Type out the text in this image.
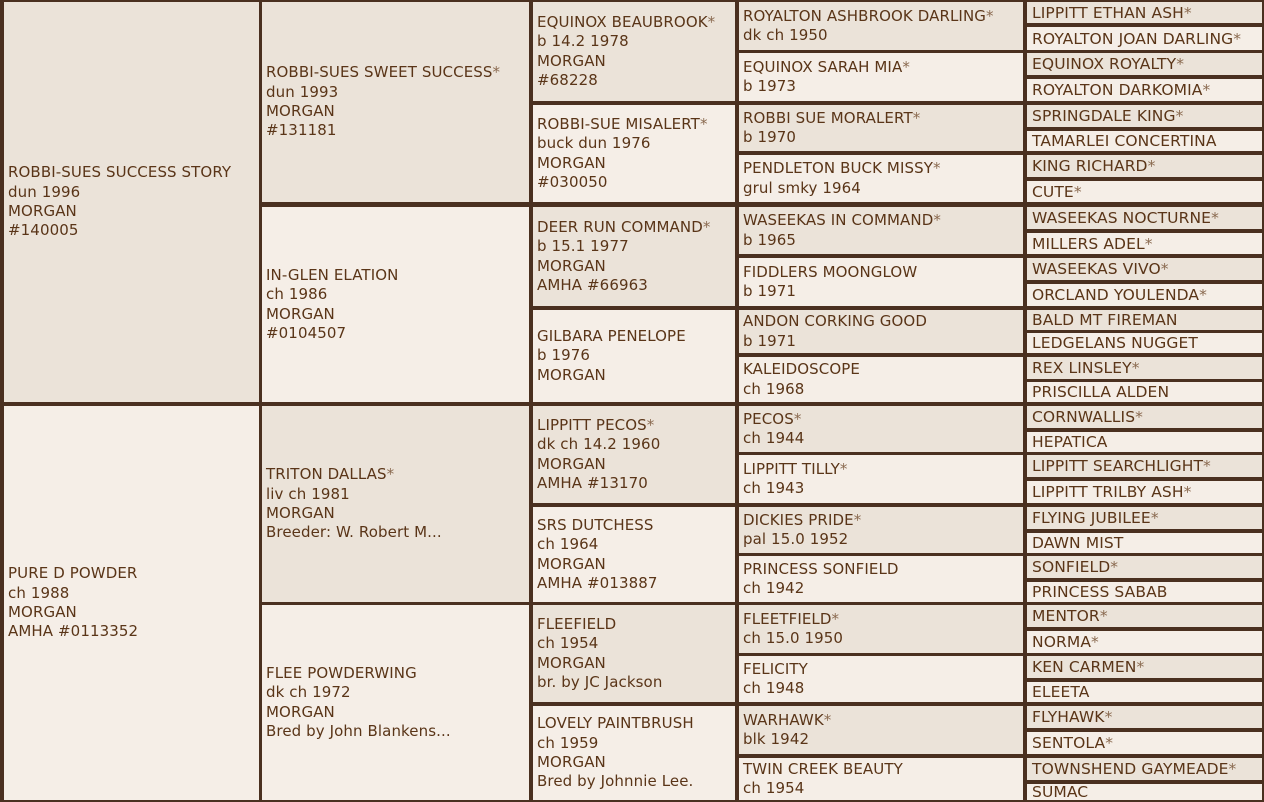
ROBBI-SUES SUCCESS STORY
dun 1996
MORGAN
#140005
PURE D POWDER
ch 1988
MORGAN
AMHA #0113352
ROBBI-SUES SWEET SUCCESS*
dun 1993
MORGAN
#131181
IN-GLEN ELATION
ch 1986
MORGAN
#0104507
TRITON DALLAS*
liv ch 1981
MORGAN
Breeder: W. Robert M...
FLEE POWDERWING
dk ch 1972
MORGAN
Bred by John Blankens...
EQUINOX BEAUBROOK*
b 14.2 1978
MORGAN
#68228
ROBBI-SUE MISALERT*
buck dun 1976
MORGAN
#030050
DEER RUN COMMAND*
b 15.1 1977
MORGAN
AMHA #66963
GILBARA PENELOPE
b 1976
MORGAN
LIPPITT PECOS*
dk ch 14.2 1960
MORGAN
AMHA #13170
SRS DUTCHESS
ch 1964
MORGAN
AMHA #013887
FLEEFIELD
ch 1954
MORGAN
br. by JC Jackson
LOVELY PAINTBRUSH
ch 1959
MORGAN
Bred by Johnnie Lee.
ROYALTON ASHBROOK DARLING*
dk ch 1950
EQUINOX SARAH MIA*
b 1973
ROBBI SUE MORALERT*
b 1970
PENDLETON BUCK MISSY*
grul smky 1964
WASEEKAS IN COMMAND*
b 1965
FIDDLERS MOONGLOW
b 1971
ANDON CORKING GOOD
b 1971
KALEIDOSCOPE
ch 1968
PECOS*
ch 1944
LIPPITT TILLY*
ch 1943
DICKIES PRIDE*
pal 15.0 1952
PRINCESS SONFIELD
ch 1942
FLEETFIELD*
ch 15.0 1950
FELICITY
ch 1948
WARHAWK*
blk 1942
TWIN CREEK BEAUTY
ch 1954
LIPPITT ETHAN ASH*
ROYALTON JOAN DARLING*
EQUINOX ROYALTY*
ROYALTON DARKOMIA*
SPRINGDALE KING*
TAMARLEI CONCERTINA
KING RICHARD*
CUTE*
WASEEKAS NOCTURNE*
MILLERS ADEL*
WASEEKAS VIVO*
ORCLAND YOULENDA*
BALD MT FIREMAN
LEDGELANS NUGGET
REX LINSLEY*
PRISCILLA ALDEN
CORNWALLIS*
HEPATICA
LIPPITT SEARCHLIGHT*
LIPPITT TRILBY ASH*
FLYING JUBILEE*
DAWN MIST
SONFIELD*
PRINCESS SABAB
MENTOR*
NORMA*
KEN CARMEN*
ELEETA
FLYHAWK*
SENTOLA*
TOWNSHEND GAYMEADE*
SUMAC
